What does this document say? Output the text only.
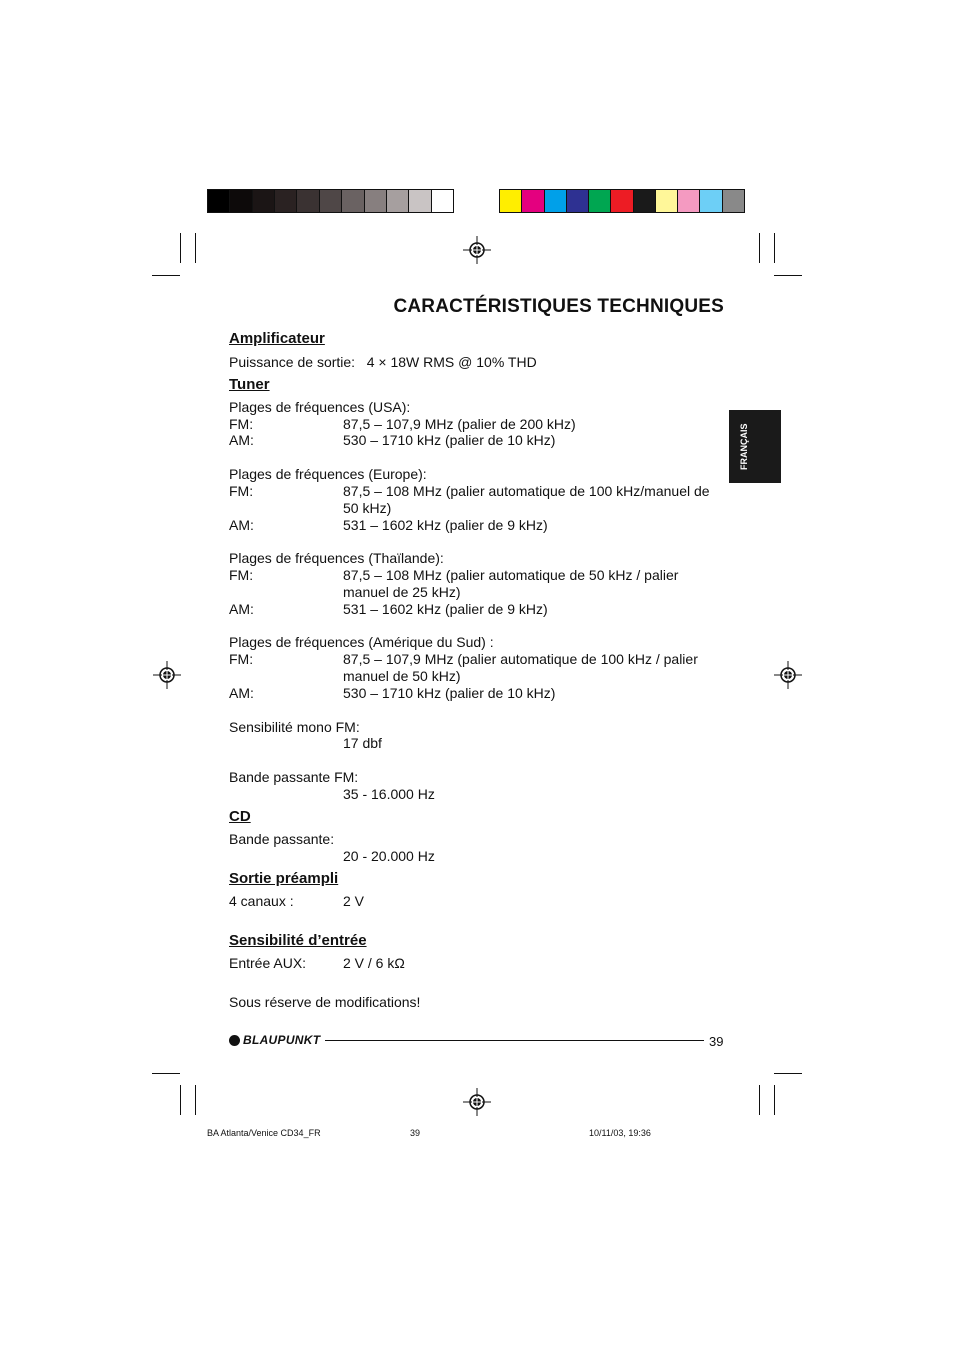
CARACTÉRISTIQUES TECHNIQUES
FRANÇAIS
Amplificateur
Puissance de sortie:   4 × 18W RMS @ 10% THD
Tuner
Plages de fréquences (USA):
FM:	87,5 – 107,9 MHz (palier de 200 kHz)
AM:	530 – 1710 kHz (palier de 10 kHz)
Plages de fréquences (Europe):
FM:	87,5 – 108 MHz (palier automatique de 100 kHz/manuel de
50 kHz)
AM:	531 – 1602 kHz (palier de 9 kHz)
Plages de fréquences (Thaïlande):
FM:	87,5 – 108 MHz (palier automatique de 50 kHz / palier
manuel de 25 kHz)
AM:	531 – 1602 kHz (palier de 9 kHz)
Plages de fréquences (Amérique du Sud) :
FM:	87,5 – 107,9 MHz (palier automatique de 100 kHz / palier
manuel de 50 kHz)
AM:	530 – 1710 kHz (palier de 10 kHz)
Sensibilité mono FM:
17 dbf
Bande passante FM:
35 - 16.000 Hz
CD
Bande passante:
20 - 20.000 Hz
Sortie préampli
4 canaux :	2 V
Sensibilité d’entrée
Entrée AUX:	2 V / 6 kΩ
Sous réserve de modifications!
BLAUPUNKT	39
BA Atlanta/Venice CD34_FR	39	10/11/03, 19:36
